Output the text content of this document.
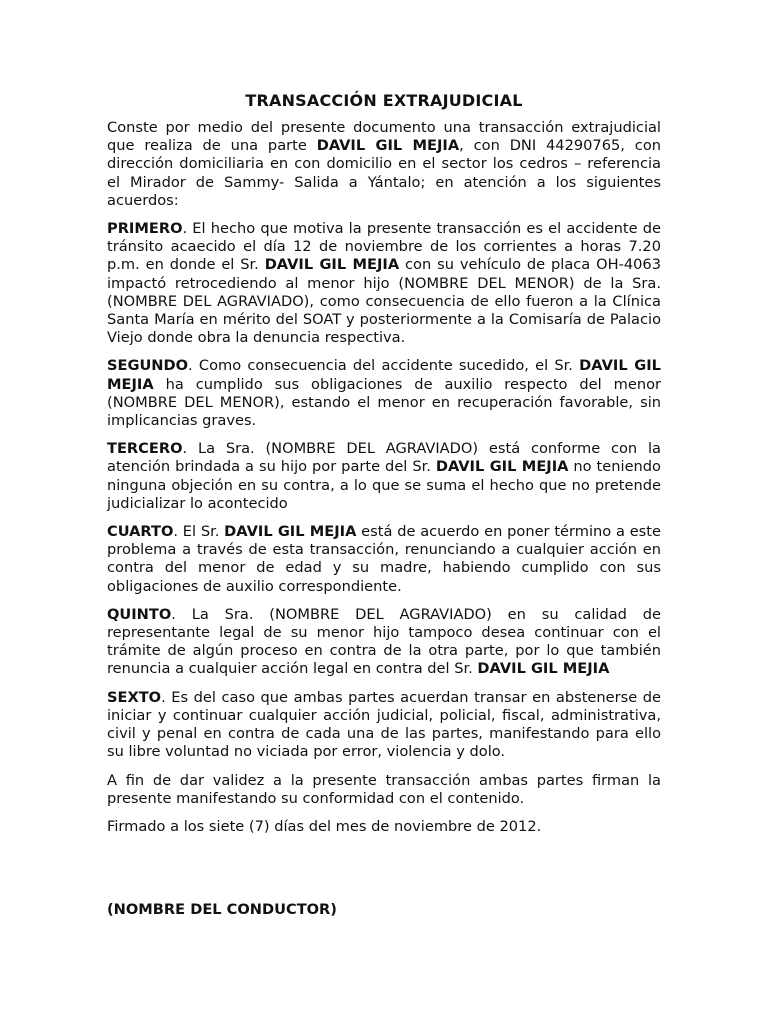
TRANSACCIÓN EXTRAJUDICIAL

Conste por medio del presente documento una transacción extrajudicial que realiza de una parte DAVIL GIL MEJIA, con DNI 44290765, con dirección domiciliaria en con domicilio en el sector los cedros – referencia el Mirador de Sammy- Salida a Yántalo; en atención a los siguientes acuerdos:

PRIMERO. El hecho que motiva la presente transacción es el accidente de tránsito acaecido el día 12 de noviembre de los corrientes a horas 7.20 p.m. en donde el Sr. DAVIL GIL MEJIA con su vehículo de placa OH-4063 impactó retrocediendo al menor hijo (NOMBRE DEL MENOR) de la Sra. (NOMBRE DEL AGRAVIADO), como consecuencia de ello fueron a la Clínica Santa María en mérito del SOAT y posteriormente a la Comisaría de Palacio Viejo donde obra la denuncia respectiva.

SEGUNDO. Como consecuencia del accidente sucedido, el Sr. DAVIL GIL MEJIA ha cumplido sus obligaciones de auxilio respecto del menor (NOMBRE DEL MENOR), estando el menor en recuperación favorable, sin implicancias graves.

TERCERO. La Sra. (NOMBRE DEL AGRAVIADO) está conforme con la atención brindada a su hijo por parte del Sr. DAVIL GIL MEJIA no teniendo ninguna objeción en su contra, a lo que se suma el hecho que no pretende judicializar lo acontecido

CUARTO. El Sr. DAVIL GIL MEJIA está de acuerdo en poner término a este problema a través de esta transacción, renunciando a cualquier acción en contra del menor de edad y su madre, habiendo cumplido con sus obligaciones de auxilio correspondiente.

QUINTO. La Sra. (NOMBRE DEL AGRAVIADO) en su calidad de representante legal de su menor hijo tampoco desea continuar con el trámite de algún proceso en contra de la otra parte, por lo que también renuncia a cualquier acción legal en contra del Sr. DAVIL GIL MEJIA

SEXTO. Es del caso que ambas partes acuerdan transar en abstenerse de iniciar y continuar cualquier acción judicial, policial, fiscal, administrativa, civil y penal en contra de cada una de las partes, manifestando para ello su libre voluntad no viciada por error, violencia y dolo.

A fin de dar validez a la presente transacción ambas partes firman la presente manifestando su conformidad con el contenido.

Firmado a los siete (7) días del mes de noviembre de 2012.

(NOMBRE DEL CONDUCTOR)
